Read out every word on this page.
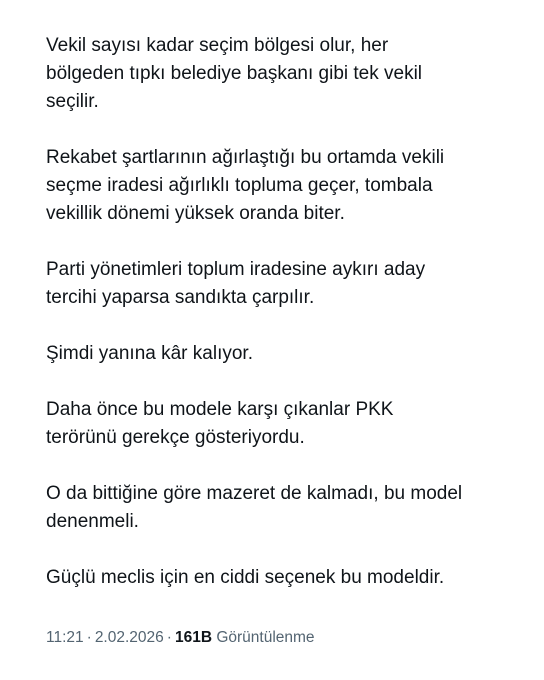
Vekil sayısı kadar seçim bölgesi olur, her
bölgeden tıpkı belediye başkanı gibi tek vekil
seçilir.

Rekabet şartlarının ağırlaştığı bu ortamda vekili
seçme iradesi ağırlıklı topluma geçer, tombala
vekillik dönemi yüksek oranda biter.

Parti yönetimleri toplum iradesine aykırı aday
tercihi yaparsa sandıkta çarpılır.

Şimdi yanına kâr kalıyor.

Daha önce bu modele karşı çıkanlar PKK
terörünü gerekçe gösteriyordu.

O da bittiğine göre mazeret de kalmadı, bu model
denenmeli.

Güçlü meclis için en ciddi seçenek bu modeldir.

11:21 · 2.02.2026 · 161B Görüntülenme
